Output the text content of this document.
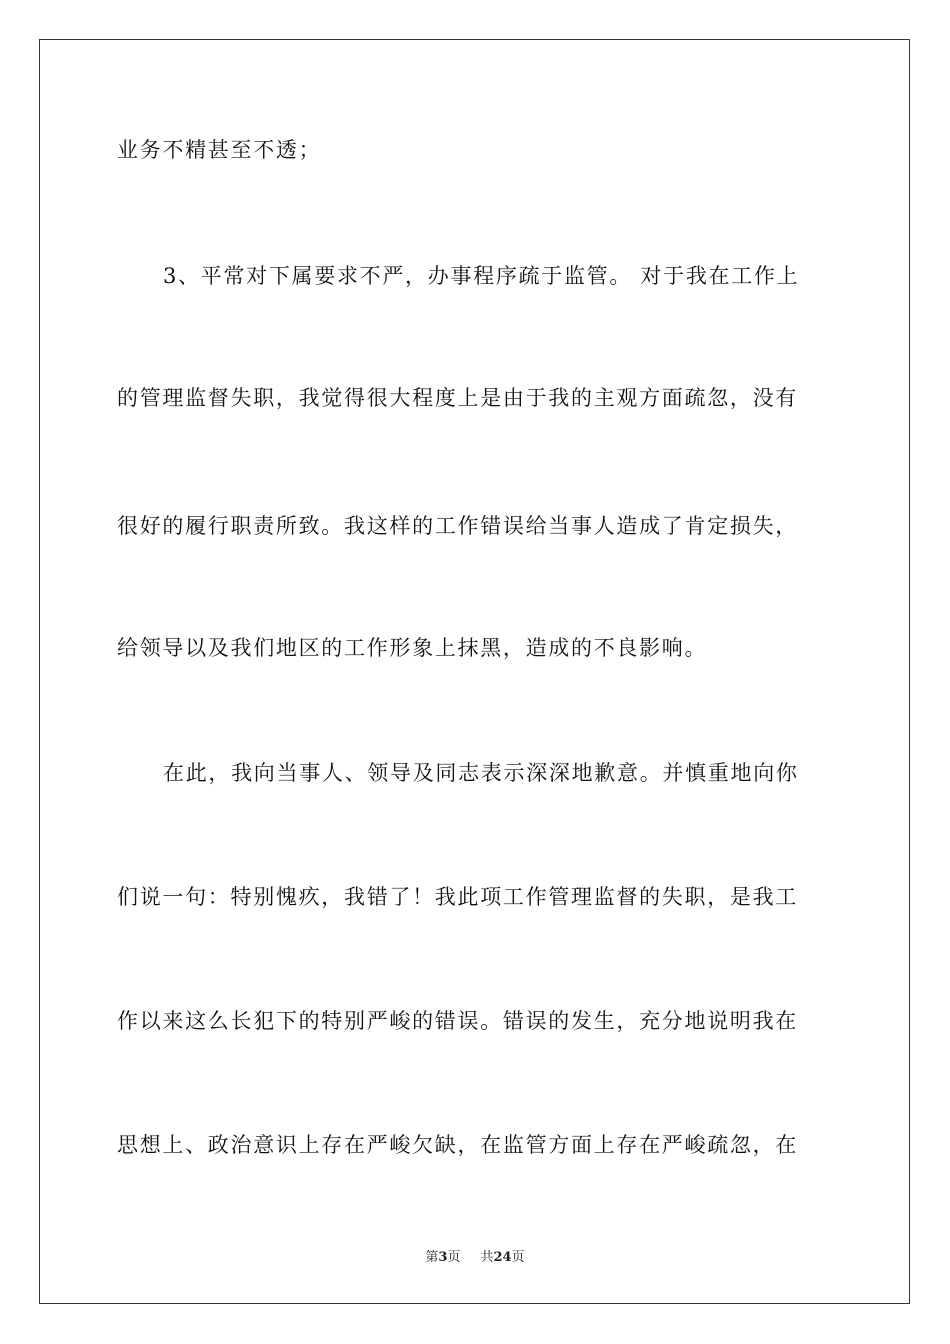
业务不精甚至不透；
3、平常对下属要求不严，办事程序疏于监管。 对于我在工作上
的管理监督失职，我觉得很大程度上是由于我的主观方面疏忽，没有
很好的履行职责所致。我这样的工作错误给当事人造成了肯定损失，
给领导以及我们地区的工作形象上抹黑，造成的不良影响。
在此，我向当事人、领导及同志表示深深地歉意。并慎重地向你
们说一句：特别愧疚，我错了！我此项工作管理监督的失职，是我工
作以来这么长犯下的特别严峻的错误。错误的发生，充分地说明我在
思想上、政治意识上存在严峻欠缺，在监管方面上存在严峻疏忽，在
第3页 共24页
